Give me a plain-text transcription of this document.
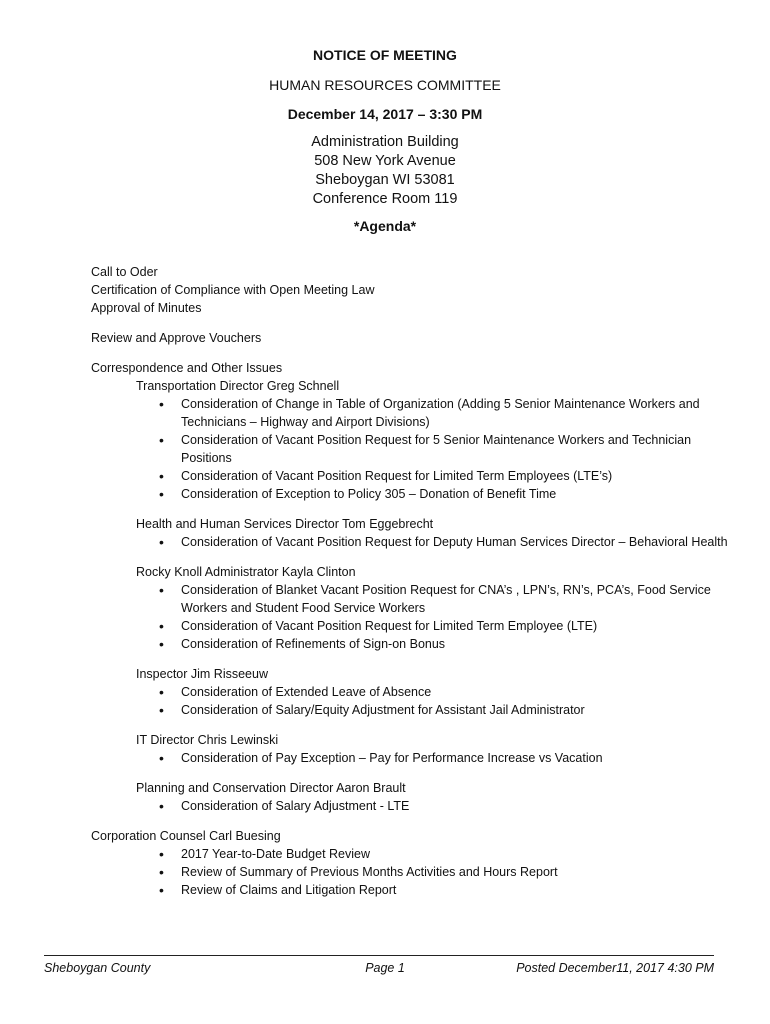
NOTICE OF MEETING
HUMAN RESOURCES COMMITTEE
December 14, 2017 – 3:30 PM
Administration Building
508 New York Avenue
Sheboygan WI 53081
Conference Room 119
*Agenda*
Call to Oder
Certification of Compliance with Open Meeting Law
Approval of Minutes
Review and Approve Vouchers
Correspondence and Other Issues
Transportation Director Greg Schnell
• Consideration of Change in Table of Organization (Adding 5 Senior Maintenance Workers and Technicians – Highway and Airport Divisions)
• Consideration of Vacant Position Request for 5 Senior Maintenance Workers and Technician Positions
• Consideration of Vacant Position Request for Limited Term Employees (LTE’s)
• Consideration of Exception to Policy 305 – Donation of Benefit Time
Health and Human Services Director Tom Eggebrecht
• Consideration of Vacant Position Request for Deputy Human Services Director – Behavioral Health
Rocky Knoll Administrator Kayla Clinton
• Consideration of Blanket Vacant Position Request for CNA’s , LPN’s, RN’s, PCA’s, Food Service Workers and Student Food Service Workers
• Consideration of Vacant Position Request for Limited Term Employee (LTE)
• Consideration of Refinements of Sign-on Bonus
Inspector Jim Risseeuw
• Consideration of Extended Leave of Absence
• Consideration of Salary/Equity Adjustment for Assistant Jail Administrator
IT Director Chris Lewinski
• Consideration of Pay Exception – Pay for Performance Increase vs Vacation
Planning and Conservation Director Aaron Brault
• Consideration of Salary Adjustment - LTE
Corporation Counsel Carl Buesing
• 2017 Year-to-Date Budget Review
• Review of Summary of Previous Months Activities and Hours Report
• Review of Claims and Litigation Report
Sheboygan County	Page 1	Posted December11, 2017 4:30 PM
